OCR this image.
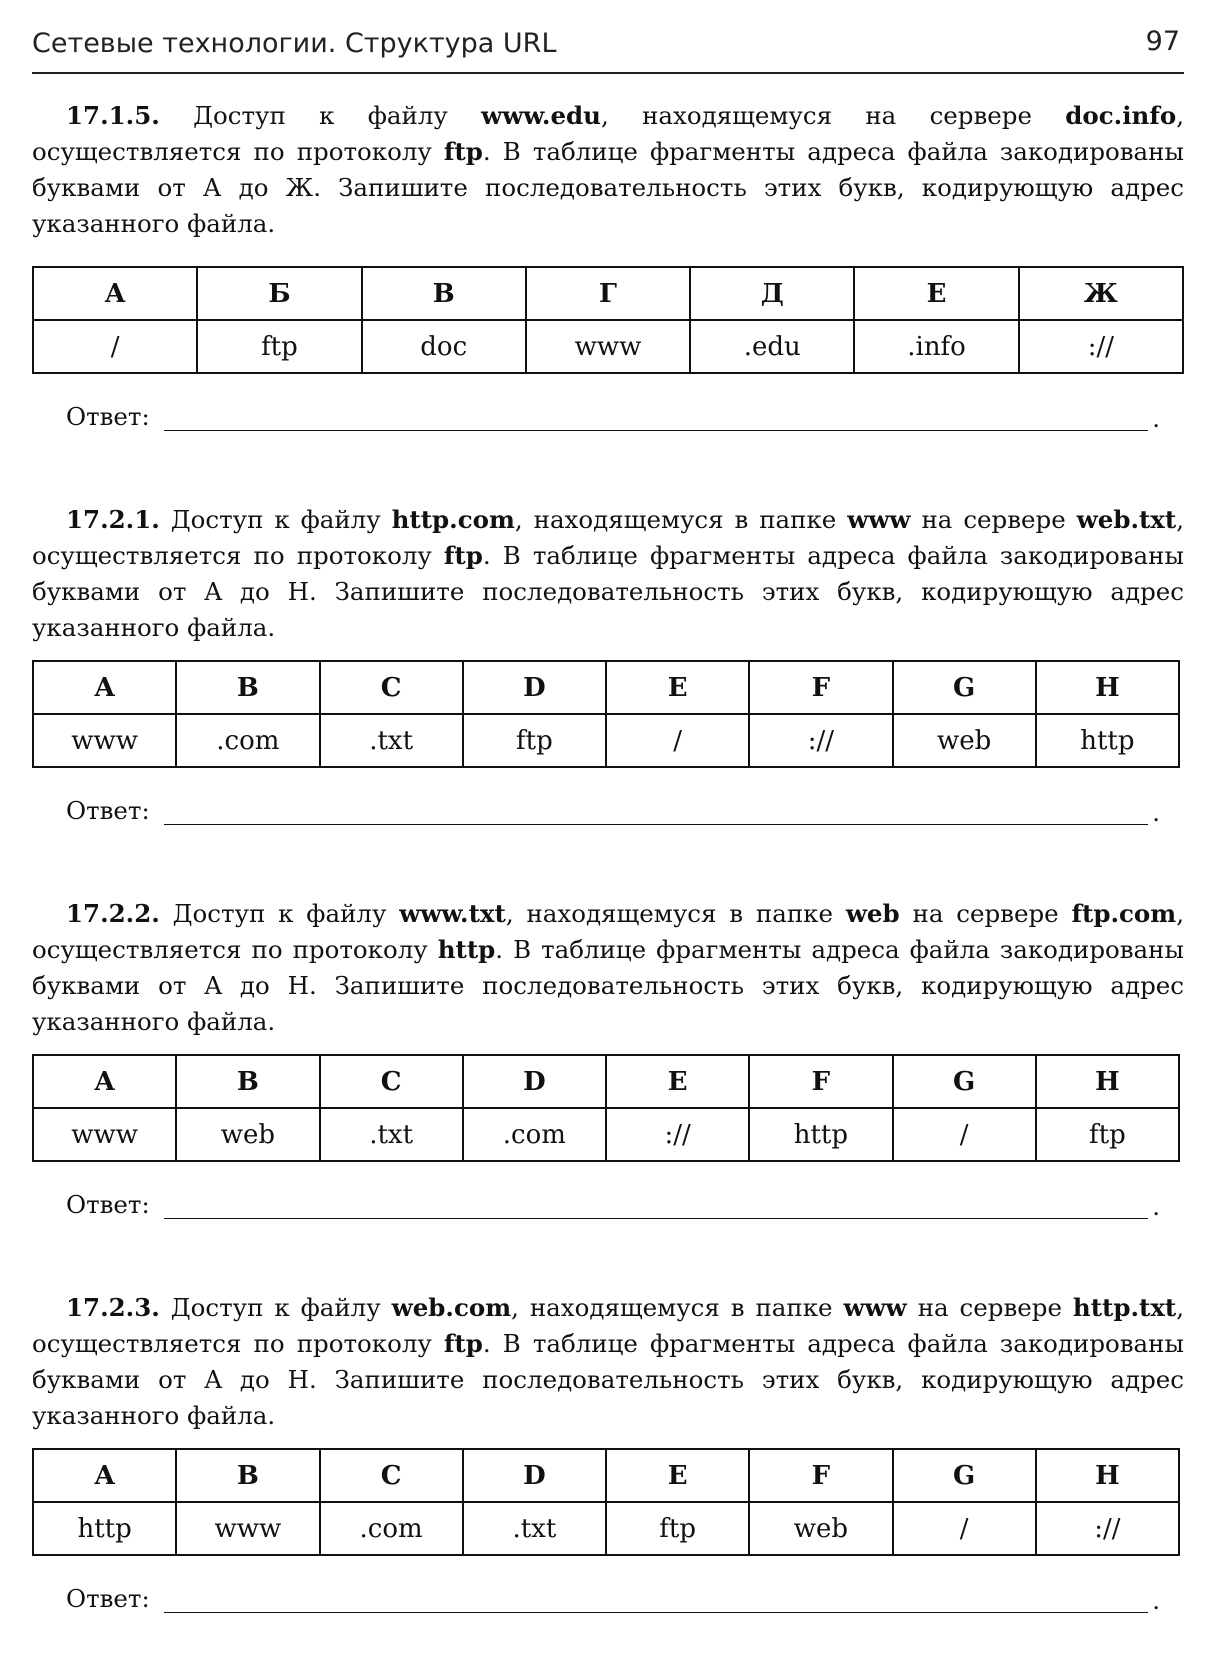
Сетевые технологии. Структура URL	97

17.1.5. Доступ к файлу www.edu, находящемуся на сервере doc.info, осуществляется по протоколу ftp. В таблице фрагменты адреса файла закодированы буквами от А до Ж. Запишите последовательность этих букв, кодирующую адрес указанного файла.

А	Б	В	Г	Д	Е	Ж
/	ftp	doc	www	.edu	.info	://
Ответ:	.

17.2.1. Доступ к файлу http.com, находящемуся в папке www на сервере web.txt, осуществляется по протоколу ftp. В таблице фрагменты адреса файла закодированы буквами от A до H. Запишите последовательность этих букв, кодирующую адрес указанного файла.

A	B	C	D	E	F	G	H
www	.com	.txt	ftp	/	://	web	http
Ответ:	.

17.2.2. Доступ к файлу www.txt, находящемуся в папке web на сервере ftp.com, осуществляется по протоколу http. В таблице фрагменты адреса файла закодированы буквами от A до H. Запишите последовательность этих букв, кодирующую адрес указанного файла.

A	B	C	D	E	F	G	H
www	web	.txt	.com	://	http	/	ftp
Ответ:	.

17.2.3. Доступ к файлу web.com, находящемуся в папке www на сервере http.txt, осуществляется по протоколу ftp. В таблице фрагменты адреса файла закодированы буквами от A до H. Запишите последовательность этих букв, кодирующую адрес указанного файла.

A	B	C	D	E	F	G	H
http	www	.com	.txt	ftp	web	/	://
Ответ:	.
